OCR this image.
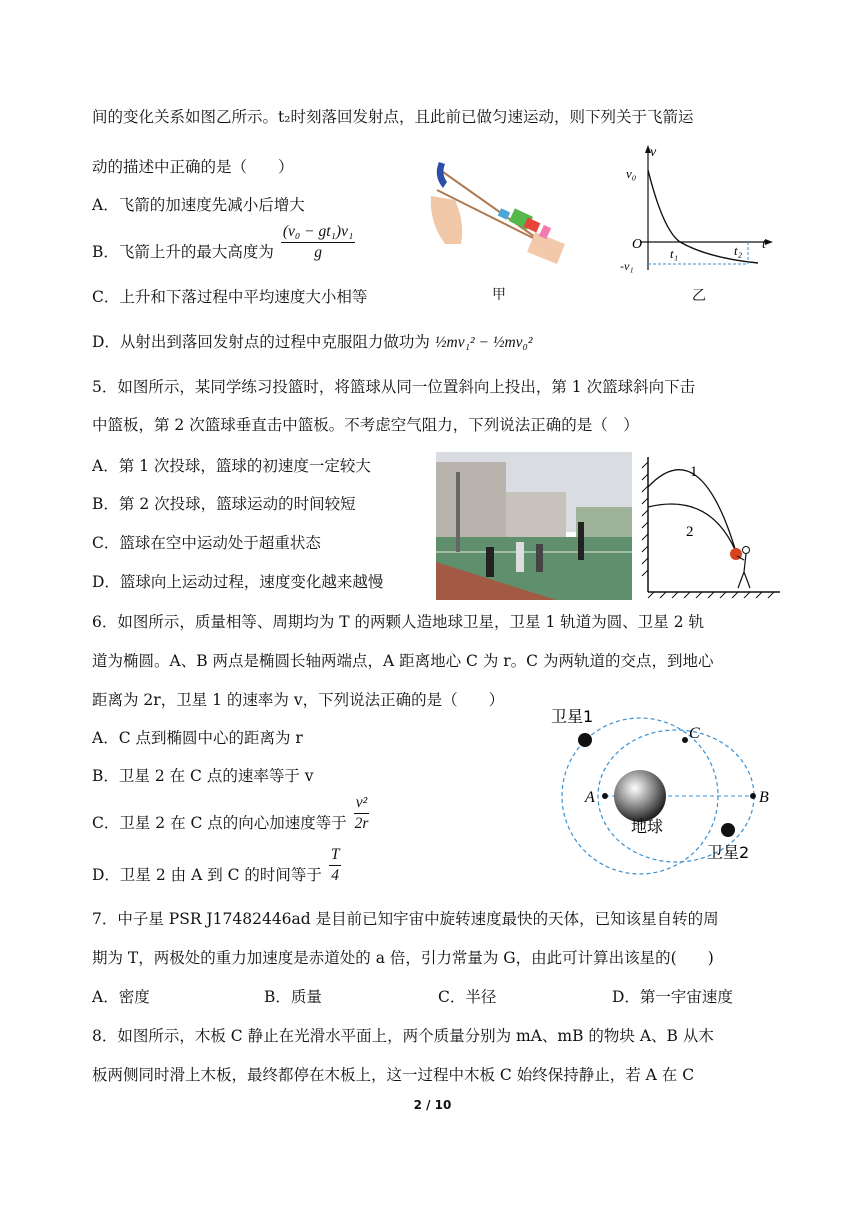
间的变化关系如图乙所示。t₂时刻落回发射点，且此前已做匀速运动，则下列关于飞箭运
动的描述中正确的是（　　）
A．飞箭的加速度先减小后增大
B．飞箭上升的最大高度为 $\frac{\text{(v₀ − gt₁)v₁}}{g}$
C．上升和下落过程中平均速度大小相等
D．从射出到落回发射点的过程中克服阻力做功为 ½mv₁² − ½mv₀²
甲
v
v₀
O
t₁	t₂ t
-v₁
乙
5．如图所示，某同学练习投篮时，将篮球从同一位置斜向上投出，第 1 次篮球斜向下击
中篮板，第 2 次篮球垂直击中篮板。不考虑空气阻力，下列说法正确的是（　）
A．第 1 次投球，篮球的初速度一定较大
B．第 2 次投球，篮球运动的时间较短
C．篮球在空中运动处于超重状态
D．篮球向上运动过程，速度变化越来越慢
1
2
6．如图所示，质量相等、周期均为 T 的两颗人造地球卫星，卫星 1 轨道为圆、卫星 2 轨
道为椭圆。A、B 两点是椭圆长轴两端点，A 距离地心 C 为 r。C 为两轨道的交点，到地心
距离为 2r，卫星 1 的速率为 v，下列说法正确的是（　　）
A．C 点到椭圆中心的距离为 r
B．卫星 2 在 C 点的速率等于 v
C．卫星 2 在 C 点的向心加速度等于 $\frac{\text{v²}}{2r}$
D．卫星 2 由 A 到 C 的时间等于 $\frac{T}{4}$
卫星1
C
A	B
地球
卫星2
7．中子星 PSR J17482446ad 是目前已知宇宙中旋转速度最快的天体，已知该星自转的周
期为 T，两极处的重力加速度是赤道处的 a 倍，引力常量为 G，由此可计算出该星的(　　)
A．密度	B．质量	C．半径	D．第一宇宙速度
8．如图所示，木板 C 静止在光滑水平面上，两个质量分别为 mA、mB 的物块 A、B 从木
板两侧同时滑上木板，最终都停在木板上，这一过程中木板 C 始终保持静止，若 A 在 C
2 / 10
